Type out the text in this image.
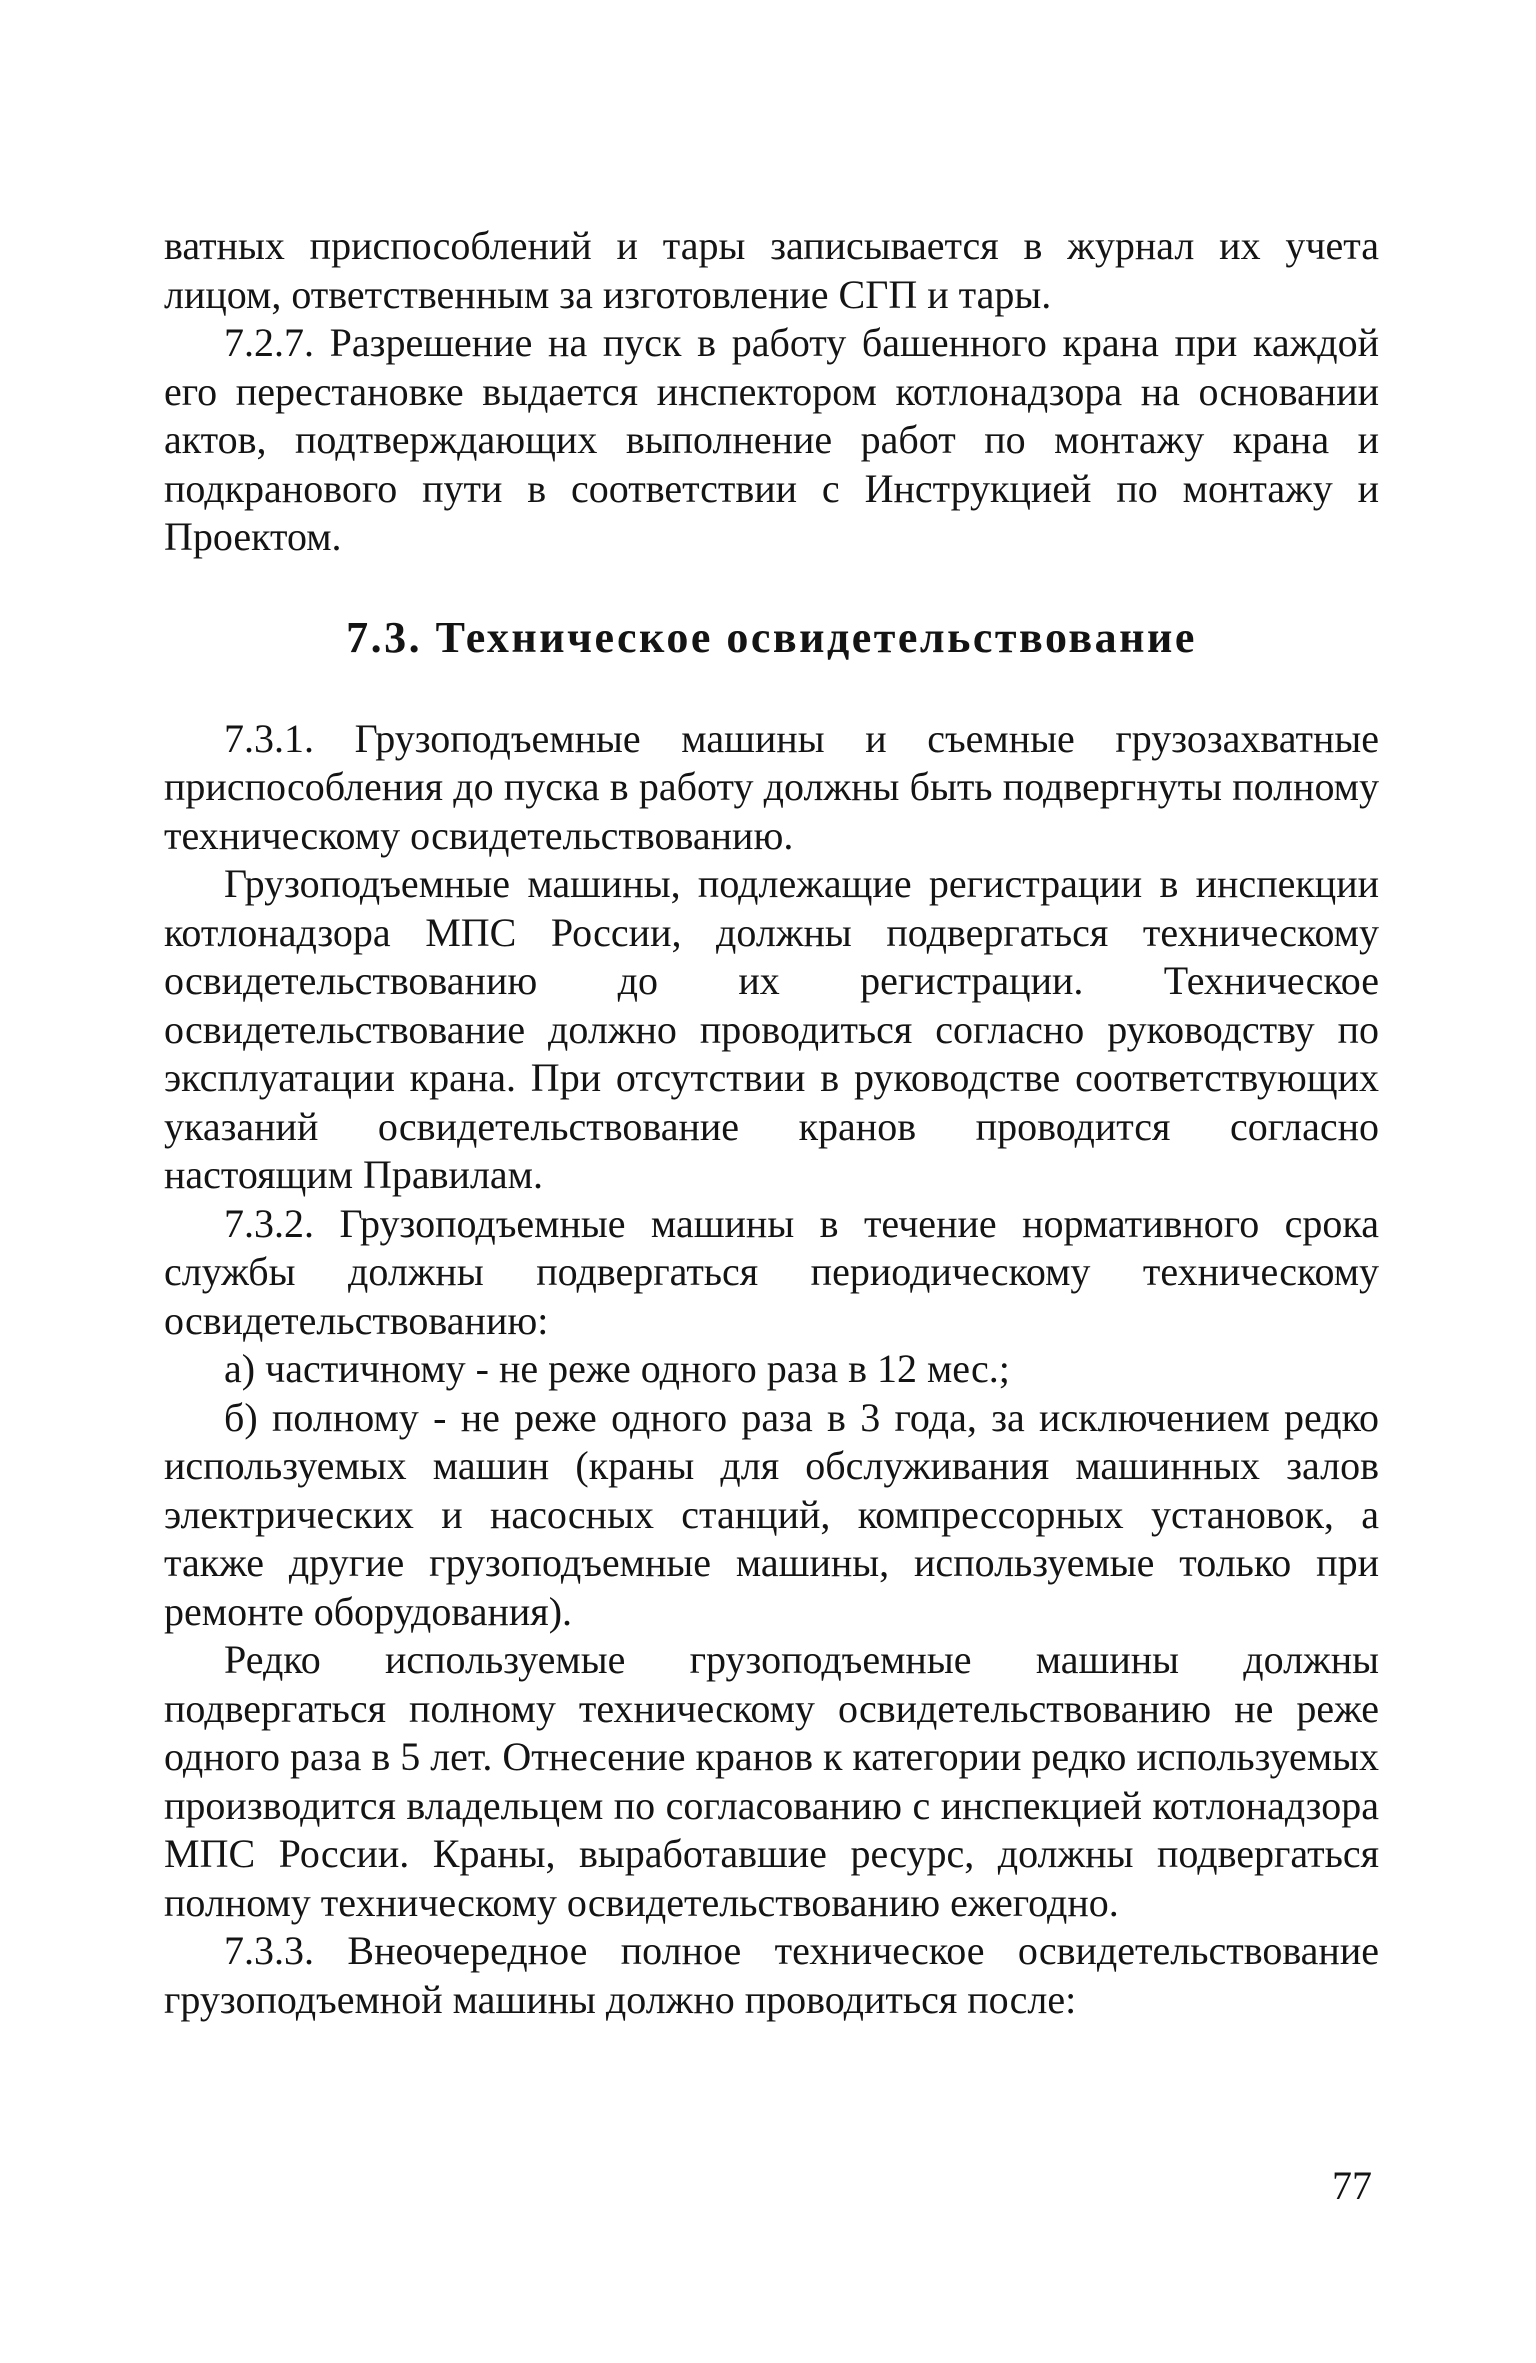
ватных приспособлений и тары записывается в журнал их учета лицом, ответственным за изготовление СГП и тары.

7.2.7. Разрешение на пуск в работу башенного крана при каждой его перестановке выдается инспектором котлонадзора на основании актов, подтверждающих выполнение работ по монтажу крана и подкранового пути в соответствии с Инструкцией по монтажу и Проектом.

7.3. Техническое освидетельствование

7.3.1. Грузоподъемные машины и съемные грузозахватные приспособления до пуска в работу должны быть подвергнуты полному техническому освидетельствованию.

Грузоподъемные машины, подлежащие регистрации в инспекции котлонадзора МПС России, должны подвергаться техническому освидетельствованию до их регистрации. Техническое освидетельствование должно проводиться согласно руководству по эксплуатации крана. При отсутствии в руководстве соответствующих указаний освидетельствование кранов проводится согласно настоящим Правилам.

7.3.2. Грузоподъемные машины в течение нормативного срока службы должны подвергаться периодическому техническому освидетельствованию:

а) частичному - не реже одного раза в 12 мес.;

б) полному - не реже одного раза в 3 года, за исключением редко используемых машин (краны для обслуживания машинных залов электрических и насосных станций, компрессорных установок, а также другие грузоподъемные машины, используемые только при ремонте оборудования).

Редко используемые грузоподъемные машины должны подвергаться полному техническому освидетельствованию не реже одного раза в 5 лет. Отнесение кранов к категории редко используемых производится владельцем по согласованию с инспекцией котлонадзора МПС России. Краны, выработавшие ресурс, должны подвергаться полному техническому освидетельствованию ежегодно.

7.3.3. Внеочередное полное техническое освидетельствование грузоподъемной машины должно проводиться после:

77
